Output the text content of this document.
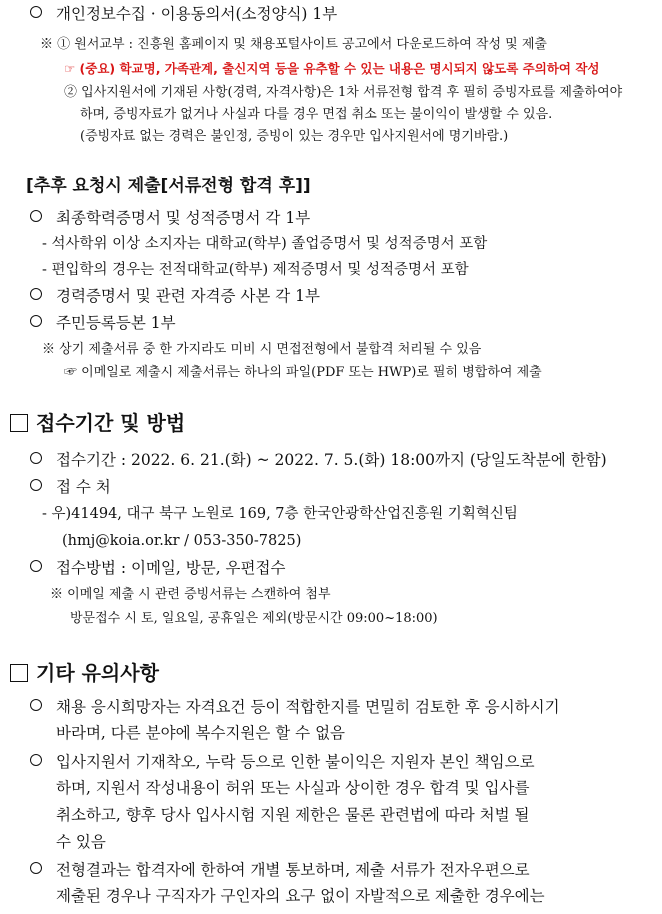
개인정보수집 · 이용동의서(소정양식) 1부
※ ① 원서교부 : 진흥원 홈페이지 및 채용포털사이트 공고에서 다운로드하여 작성 및 제출
☞ (중요) 학교명, 가족관계, 출신지역 등을 유추할 수 있는 내용은 명시되지 않도록 주의하여 작성
② 입사지원서에 기재된 사항(경력, 자격사항)은 1차 서류전형 합격 후 필히 증빙자료를 제출하여야
하며, 증빙자료가 없거나 사실과 다를 경우 면접 취소 또는 불이익이 발생할 수 있음.
(증빙자료 없는 경력은 불인정, 증빙이 있는 경우만 입사지원서에 명기바람.)
[추후 요청시 제출[서류전형 합격 후]]
최종학력증명서 및 성적증명서 각 1부
- 석사학위 이상 소지자는 대학교(학부) 졸업증명서 및 성적증명서 포함
- 편입학의 경우는 전적대학교(학부) 제적증명서 및 성적증명서 포함
경력증명서 및 관련 자격증 사본 각 1부
주민등록등본 1부
※ 상기 제출서류 중 한 가지라도 미비 시 면접전형에서 불합격 처리될 수 있음
☞ 이메일로 제출시 제출서류는 하나의 파일(PDF 또는 HWP)로 필히 병합하여 제출
접수기간 및 방법
접수기간 : 2022. 6. 21.(화) ~ 2022. 7. 5.(화) 18:00까지 (당일도착분에 한함)
접 수 처
- 우)41494, 대구 북구 노원로 169, 7층 한국안광학산업진흥원 기획혁신팀
(hmj@koia.or.kr / 053-350-7825)
접수방법 : 이메일, 방문, 우편접수
※ 이메일 제출 시 관련 증빙서류는 스캔하여 첨부
방문접수 시 토, 일요일, 공휴일은 제외(방문시간 09:00~18:00)
기타 유의사항
채용 응시희망자는 자격요건 등이 적합한지를 면밀히 검토한 후 응시하시기
바라며, 다른 분야에 복수지원은 할 수 없음
입사지원서 기재착오, 누락 등으로 인한 불이익은 지원자 본인 책임으로
하며, 지원서 작성내용이 허위 또는 사실과 상이한 경우 합격 및 입사를
취소하고, 향후 당사 입사시험 지원 제한은 물론 관련법에 따라 처벌 될
수 있음
전형결과는 합격자에 한하여 개별 통보하며, 제출 서류가 전자우편으로
제출된 경우나 구직자가 구인자의 요구 없이 자발적으로 제출한 경우에는
